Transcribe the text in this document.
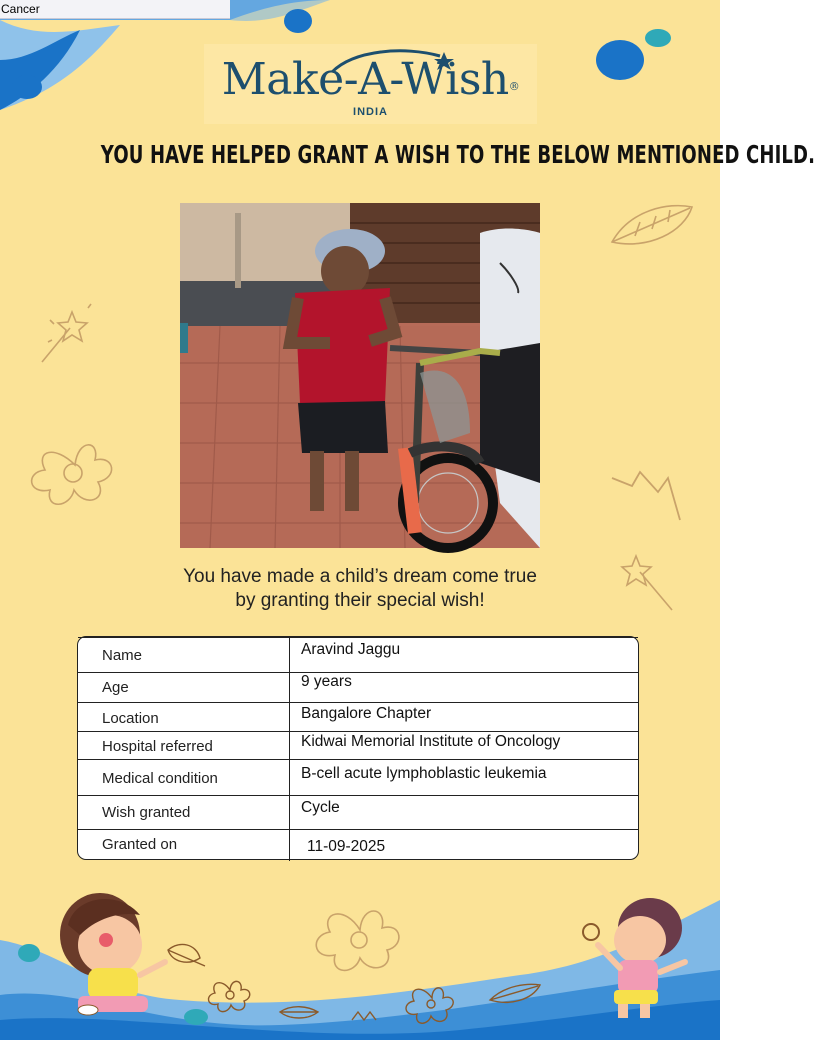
Cancer
Make-A-Wish®
INDIA
YOU HAVE HELPED GRANT A WISH TO THE BELOW MENTIONED CHILD.
You have made a child’s dream come true
by granting their special wish!
Name	Aravind Jaggu
Age	9 years
Location	Bangalore Chapter
Hospital referred	Kidwai Memorial Institute of Oncology
Medical condition	B-cell acute lymphoblastic leukemia
Wish granted	Cycle
Granted on	11-09-2025
